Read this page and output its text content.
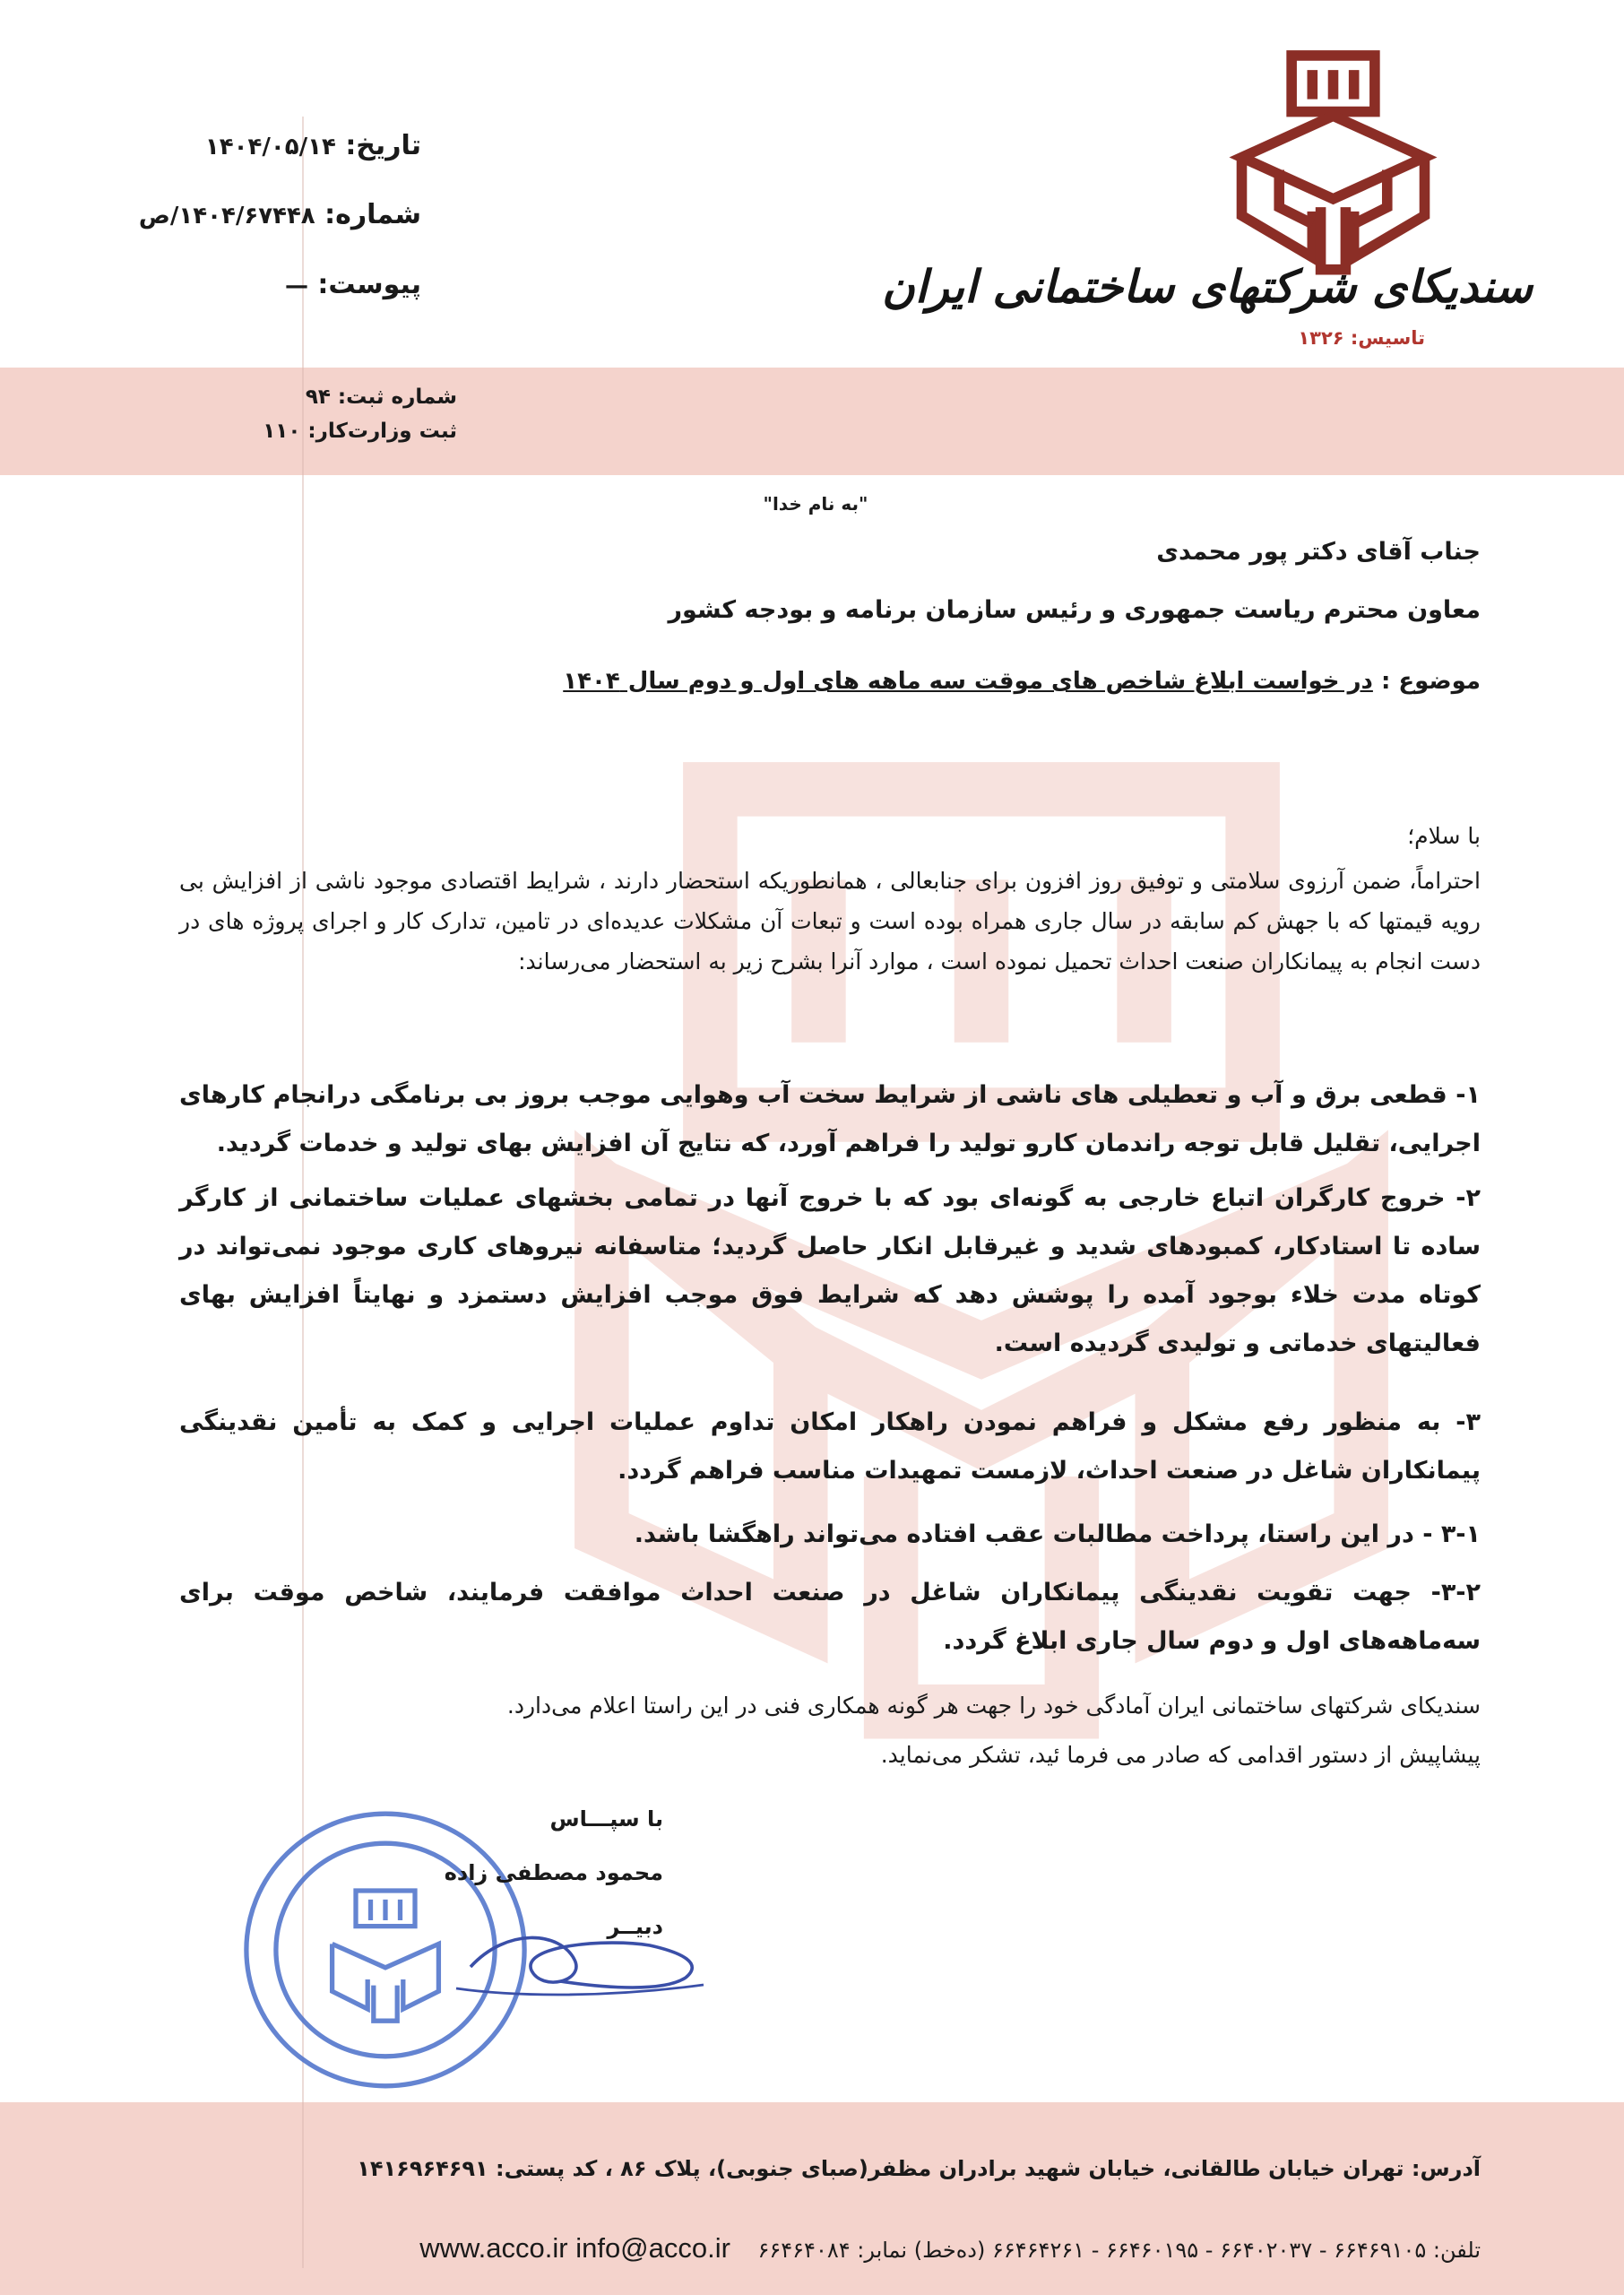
سندیکای شرکتهای ساختمانی ایران
تاسیس: ۱۳۲۶
تاریخ: ۱۴۰۴/۰۵/۱۴
شماره: ۱۴۰۴/۶۷۴۴۸/ص
پیوست: —
شماره ثبت: ۹۴
ثبت وزارت‌کار: ۱۱۰
"به نام خدا"
جناب آقای دکتر پور محمدی
معاون محترم ریاست جمهوری و رئیس سازمان برنامه و بودجه کشور
موضوع : در خواست ابلاغ شاخص های موقت سه ماهه های اول و دوم سال ۱۴۰۴
با سلام؛
احتراماً، ضمن آرزوی سلامتی و توفیق روز افزون برای جنابعالی ، همانطوریکه استحضار دارند ، شرایط اقتصادی موجود ناشی از افزایش بی رویه قیمتها که با جهش کم سابقه در سال جاری همراه بوده است و تبعات آن مشکلات عدیده‌ای در تامین، تدارک کار و اجرای پروژه های در دست انجام به پیمانکاران صنعت احداث تحمیل نموده است ، موارد آنرا بشرح زیر به استحضار می‌رساند:
۱- قطعی برق و آب و تعطیلی های ناشی از شرایط سخت آب وهوایی موجب بروز بی برنامگی درانجام کارهای اجرایی، تقلیل قابل توجه راندمان کارو تولید را فراهم آورد، که نتایج آن افزایش بهای تولید و خدمات گردید.
۲- خروج کارگران اتباع خارجی به گونه‌ای بود که با خروج آنها در تمامی بخشهای عملیات ساختمانی از کارگر ساده تا استادکار، کمبودهای شدید و غیرقابل انکار حاصل گردید؛ متاسفانه نیروهای کاری موجود نمی‌تواند در کوتاه مدت خلاء بوجود آمده را پوشش دهد که شرایط فوق موجب افزایش دستمزد و نهایتاً افزایش بهای فعالیتهای خدماتی و تولیدی گردیده است.
۳- به منظور رفع مشکل و فراهم نمودن راهکار امکان تداوم عملیات اجرایی و کمک به تأمین نقدینگی پیمانکاران شاغل در صنعت احداث، لازمست تمهیدات مناسب فراهم گردد.
۳-۱ - در این راستا، پرداخت مطالبات عقب افتاده می‌تواند راهگشا باشد.
۳-۲- جهت تقویت نقدینگی پیمانکاران شاغل در صنعت احداث موافقت فرمایند، شاخص موقت برای سه‌ماهه‌های اول و دوم سال جاری ابلاغ گردد.
سندیکای شرکتهای ساختمانی ایران آمادگی خود را جهت هر گونه همکاری فنی در این راستا اعلام می‌دارد.
پیشاپیش از دستور اقدامی که صادر می فرما ئید، تشکر می‌نماید.
با سپـــاس
محمود مصطفی زاده
دبیــر
آدرس: تهران خیابان طالقانی، خیابان شهید برادران مظفر(صبای جنوبی)، پلاک ۸۶ ، کد پستی: ۱۴۱۶۹۶۴۶۹۱
تلفن: ۶۶۴۶۹۱۰۵ - ۶۶۴۰۲۰۳۷ - ۶۶۴۶۰۱۹۵ - ۶۶۴۶۴۲۶۱ (ده‌خط) نمابر: ۶۶۴۶۴۰۸۴    www.acco.ir info@acco.ir
